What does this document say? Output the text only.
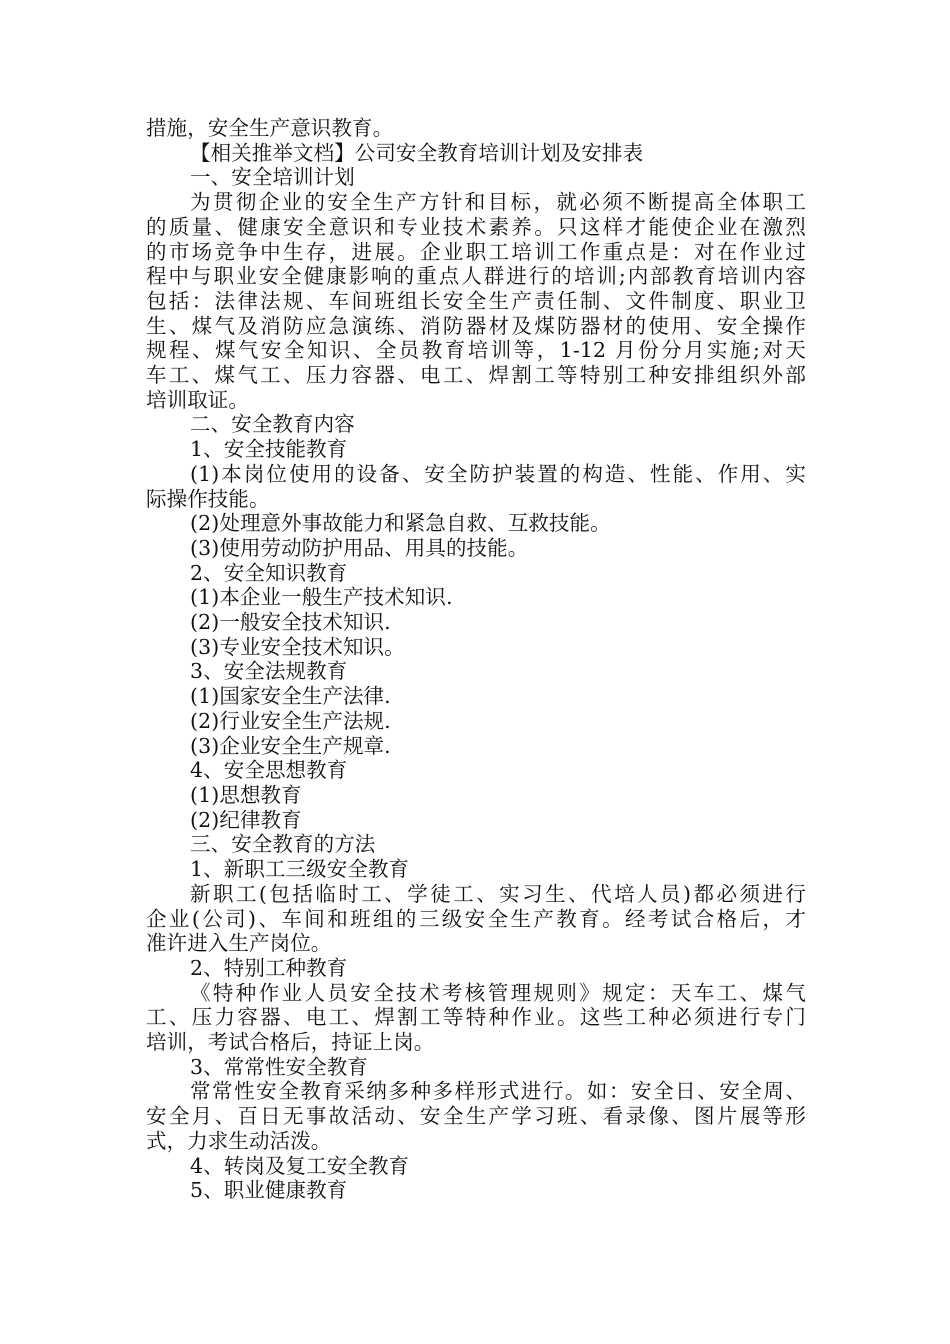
措施，安全生产意识教育。
【相关推举文档】公司安全教育培训计划及安排表
一、安全培训计划
为贯彻企业的安全生产方针和目标，就必须不断提高全体职工
的质量、健康安全意识和专业技术素养。只这样才能使企业在激烈
的市场竞争中生存，进展。企业职工培训工作重点是：对在作业过
程中与职业安全健康影响的重点人群进行的培训;内部教育培训内容
包括：法律法规、车间班组长安全生产责任制、文件制度、职业卫
生、煤气及消防应急演练、消防器材及煤防器材的使用、安全操作
规程、煤气安全知识、全员教育培训等，1-12 月份分月实施;对天
车工、煤气工、压力容器、电工、焊割工等特别工种安排组织外部
培训取证。
二、安全教育内容
1、安全技能教育
(1)本岗位使用的设备、安全防护装置的构造、性能、作用、实
际操作技能。
(2)处理意外事故能力和紧急自救、互救技能。
(3)使用劳动防护用品、用具的技能。
2、安全知识教育
(1)本企业一般生产技术知识.
(2)一般安全技术知识.
(3)专业安全技术知识。
3、安全法规教育
(1)国家安全生产法律.
(2)行业安全生产法规.
(3)企业安全生产规章.
4、安全思想教育
(1)思想教育
(2)纪律教育
三、安全教育的方法
1、新职工三级安全教育
新职工(包括临时工、学徒工、实习生、代培人员)都必须进行
企业(公司)、车间和班组的三级安全生产教育。经考试合格后，才
准许进入生产岗位。
2、特别工种教育
《特种作业人员安全技术考核管理规则》规定：天车工、煤气
工、压力容器、电工、焊割工等特种作业。这些工种必须进行专门
培训，考试合格后，持证上岗。
3、常常性安全教育
常常性安全教育采纳多种多样形式进行。如：安全日、安全周、
安全月、百日无事故活动、安全生产学习班、看录像、图片展等形
式，力求生动活泼。
4、转岗及复工安全教育
5、职业健康教育
